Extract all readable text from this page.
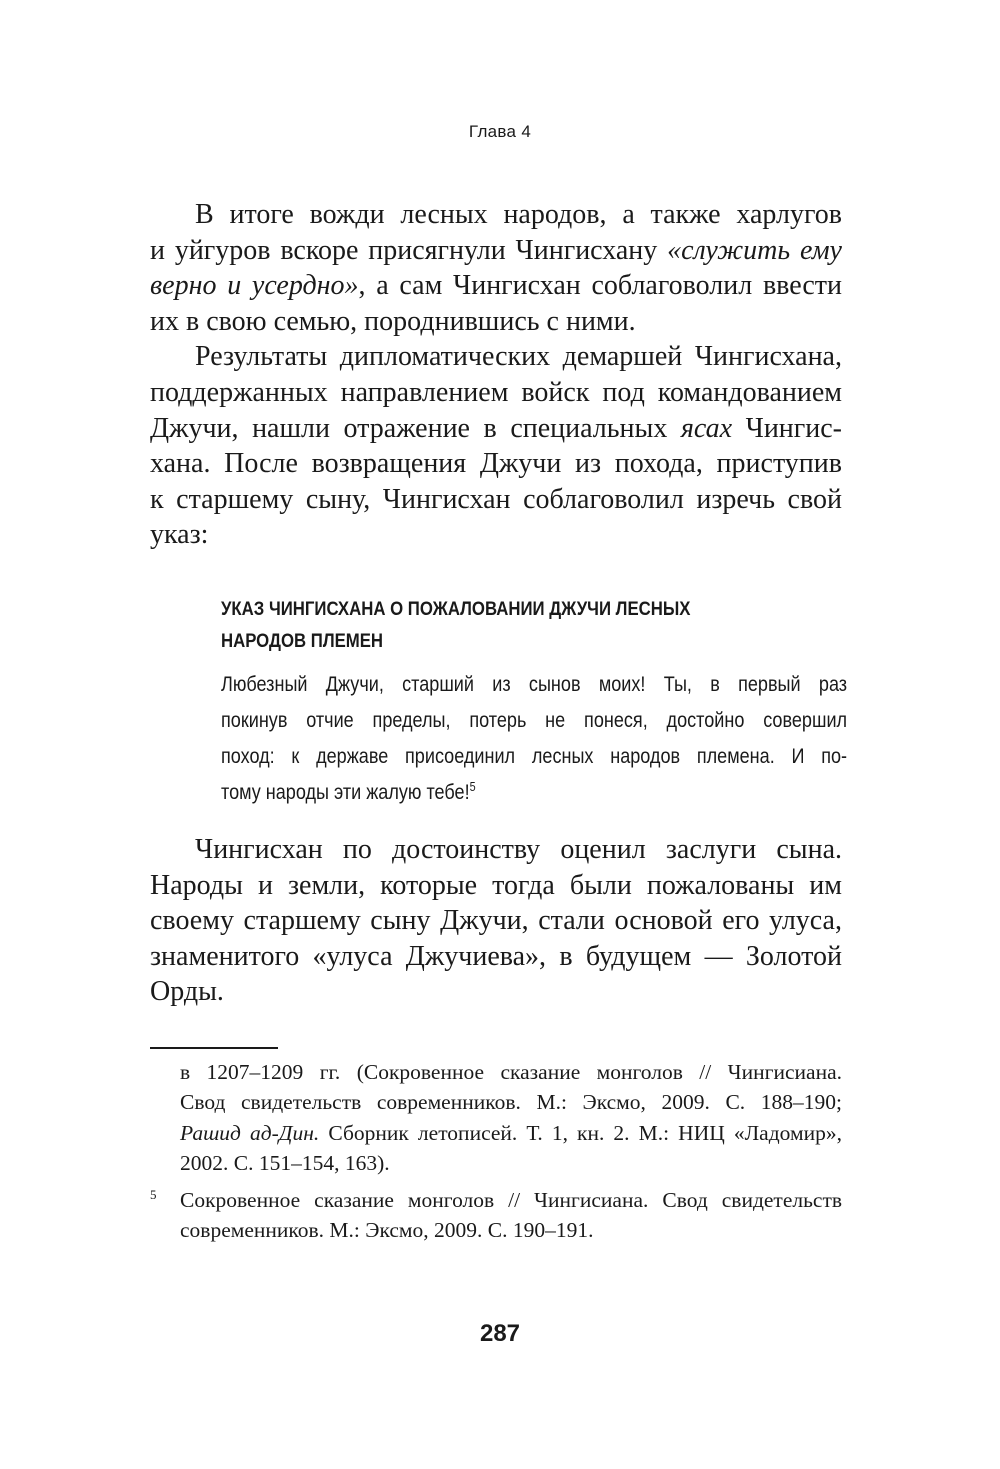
Глава 4
В итоге вожди лесных народов, а также харлугов
и уйгуров вскоре присягнули Чингисхану «служить ему
верно и усердно», а сам Чингисхан соблаговолил ввести
их в свою семью, породнившись с ними.
Результаты дипломатических демаршей Чингисхана,
поддержанных направлением войск под командованием
Джучи, нашли отражение в специальных ясах Чингис-
хана. После возвращения Джучи из похода, приступив
к старшему сыну, Чингисхан соблаговолил изречь свой
указ:
УКАЗ ЧИНГИСХАНА О ПОЖАЛОВАНИИ ДЖУЧИ ЛЕСНЫХ
НАРОДОВ ПЛЕМЕН
Любезный Джучи, старший из сынов моих! Ты, в первый раз
покинув отчие пределы, потерь не понеся, достойно совершил
поход: к державе присоединил лесных народов племена. И по-
тому народы эти жалую тебе!$^5$
Чингисхан по достоинству оценил заслуги сына.
Народы и земли, которые тогда были пожалованы им
своему старшему сыну Джучи, стали основой его улуса,
знаменитого «улуса Джучиева», в будущем — Золотой
Орды.
в 1207–1209 гг. (Сокровенное сказание монголов // Чингисиана.
Свод свидетельств современников. М.: Эксмо, 2009. С. 188–190;
Рашид ад-Дин. Сборник летописей. Т. 1, кн. 2. М.: НИЦ «Ладомир»,
2002. С. 151–154, 163).
5 Сокровенное сказание монголов // Чингисиана. Свод свидетельств
современников. М.: Эксмо, 2009. С. 190–191.
287
